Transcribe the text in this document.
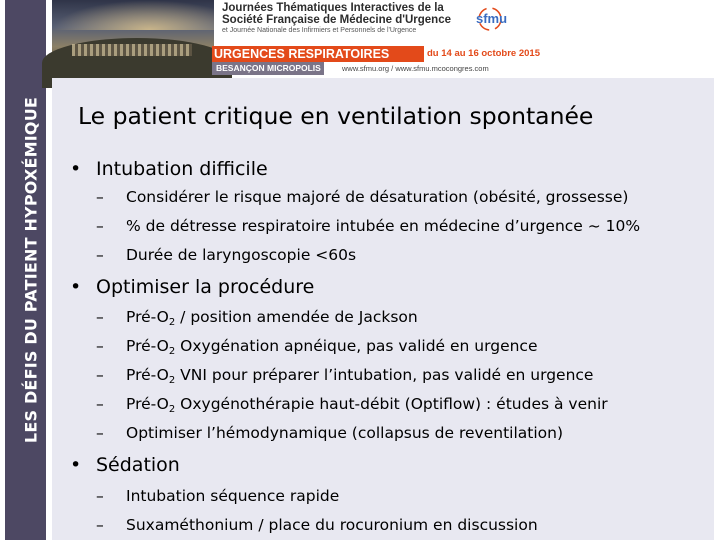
LES DÉFIS DU PATIENT HYPOXÉMIQUE
Journées Thématiques Interactives de la
Société Française de Médecine d'Urgence
et Journée Nationale des Infirmiers et Personnels de l'Urgence
sfmu
URGENCES RESPIRATOIRES	du 14 au 16 octobre 2015
BESANÇON MICROPOLIS	www.sfmu.org / www.sfmu.mcocongres.com
Le patient critique en ventilation spontanée
• Intubation difficile
– Considérer le risque majoré de désaturation (obésité, grossesse)
– % de détresse respiratoire intubée en médecine d’urgence ~ 10%
– Durée de laryngoscopie <60s
• Optimiser la procédure
– Pré-$O_2$ / position amendée de Jackson
– Pré-$O_2$ Oxygénation apnéique, pas validé en urgence
– Pré-$O_2$ VNI pour préparer l’intubation, pas validé en urgence
– Pré-$O_2$ Oxygénothérapie haut-débit (Optiflow) : études à venir
– Optimiser l’hémodynamique (collapsus de reventilation)
• Sédation
– Intubation séquence rapide
– Suxaméthonium / place du rocuronium en discussion
